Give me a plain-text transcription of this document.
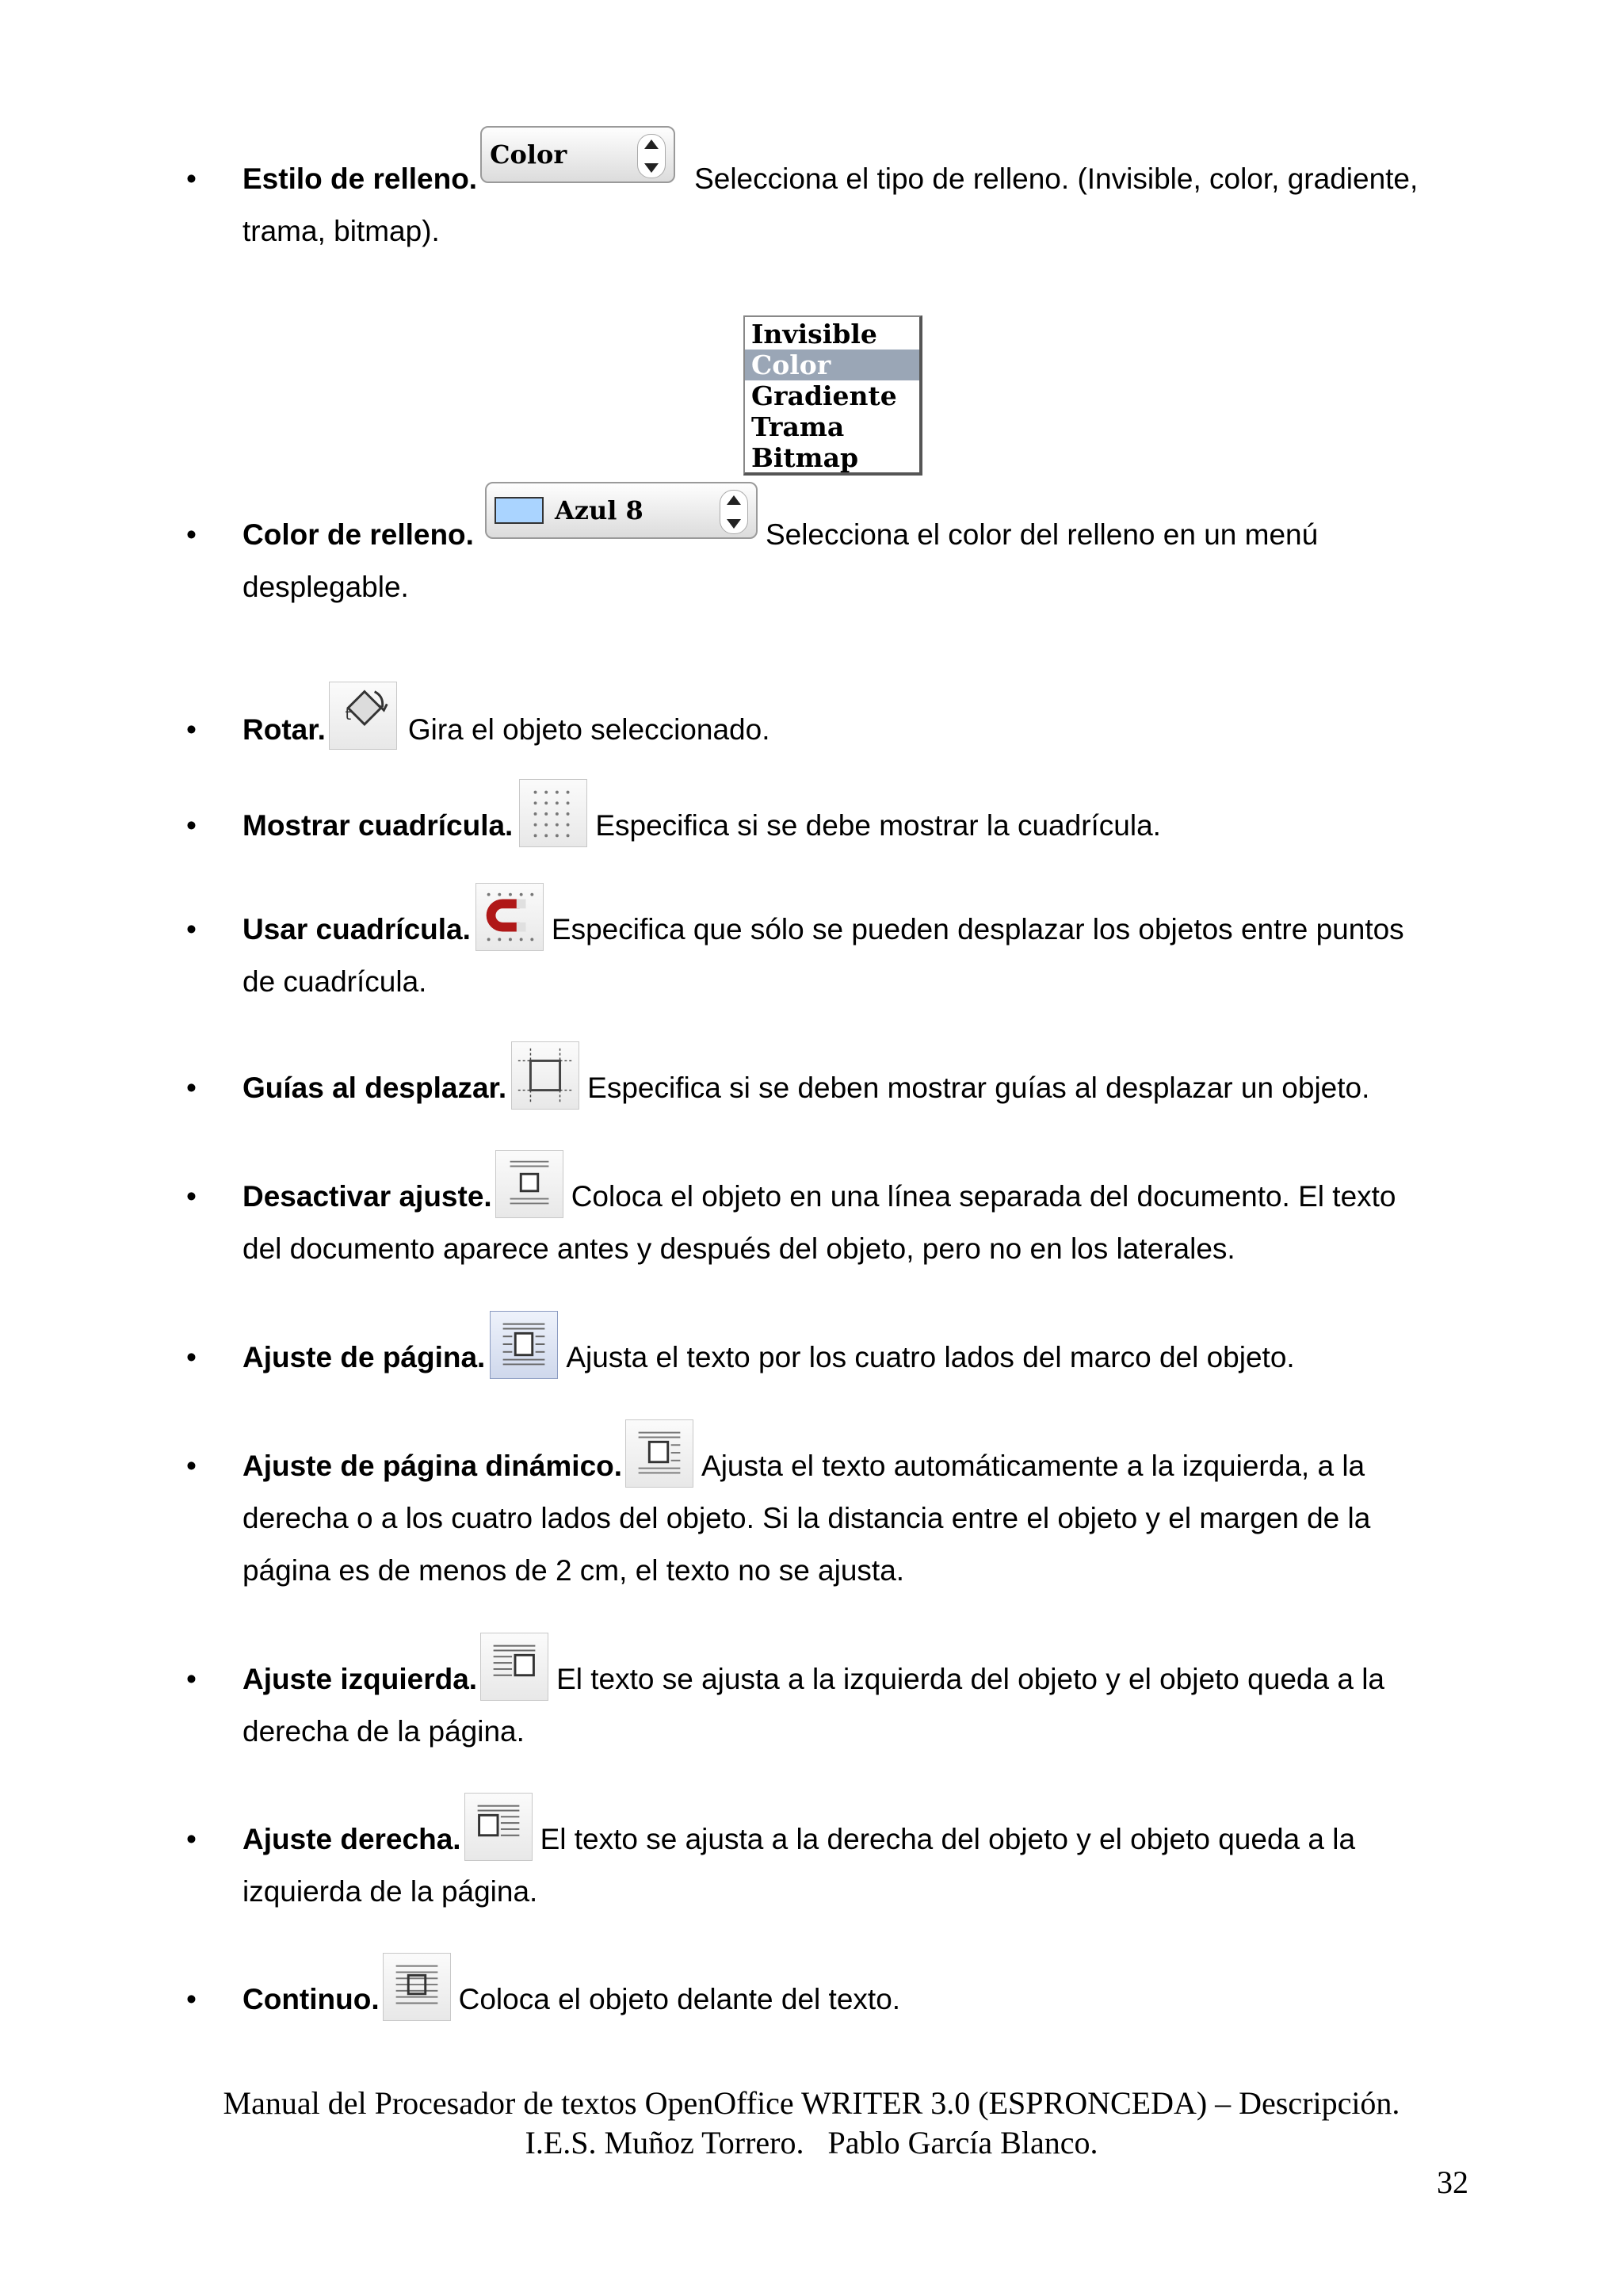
• Estilo de relleno.
Color
Selecciona el tipo de relleno. (Invisible, color, gradiente,
trama, bitmap).
Invisible
Color
Gradiente
Trama
Bitmap
• Color de relleno.
Azul 8
Selecciona el color del relleno en un menú
desplegable.
• Rotar. t Gira el objeto seleccionado.
• Mostrar cuadrícula.	Especifica si se debe mostrar la cuadrícula.
• Usar cuadrícula.	Especifica que sólo se pueden desplazar los objetos entre puntos
de cuadrícula.
• Guías al desplazar.	Especifica si se deben mostrar guías al desplazar un objeto.
• Desactivar ajuste.	Coloca el objeto en una línea separada del documento. El texto
del documento aparece antes y después del objeto, pero no en los laterales.
• Ajuste de página.	Ajusta el texto por los cuatro lados del marco del objeto.
• Ajuste de página dinámico.	Ajusta el texto automáticamente a la izquierda, a la
derecha o a los cuatro lados del objeto. Si la distancia entre el objeto y el margen de la
página es de menos de 2 cm, el texto no se ajusta.
• Ajuste izquierda.	El texto se ajusta a la izquierda del objeto y el objeto queda a la
derecha de la página.
• Ajuste derecha.	El texto se ajusta a la derecha del objeto y el objeto queda a la
izquierda de la página.
• Continuo.	Coloca el objeto delante del texto.
Manual del Procesador de textos OpenOffice WRITER 3.0 (ESPRONCEDA) – Descripción.
I.E.S. Muñoz Torrero.   Pablo García Blanco.
32
